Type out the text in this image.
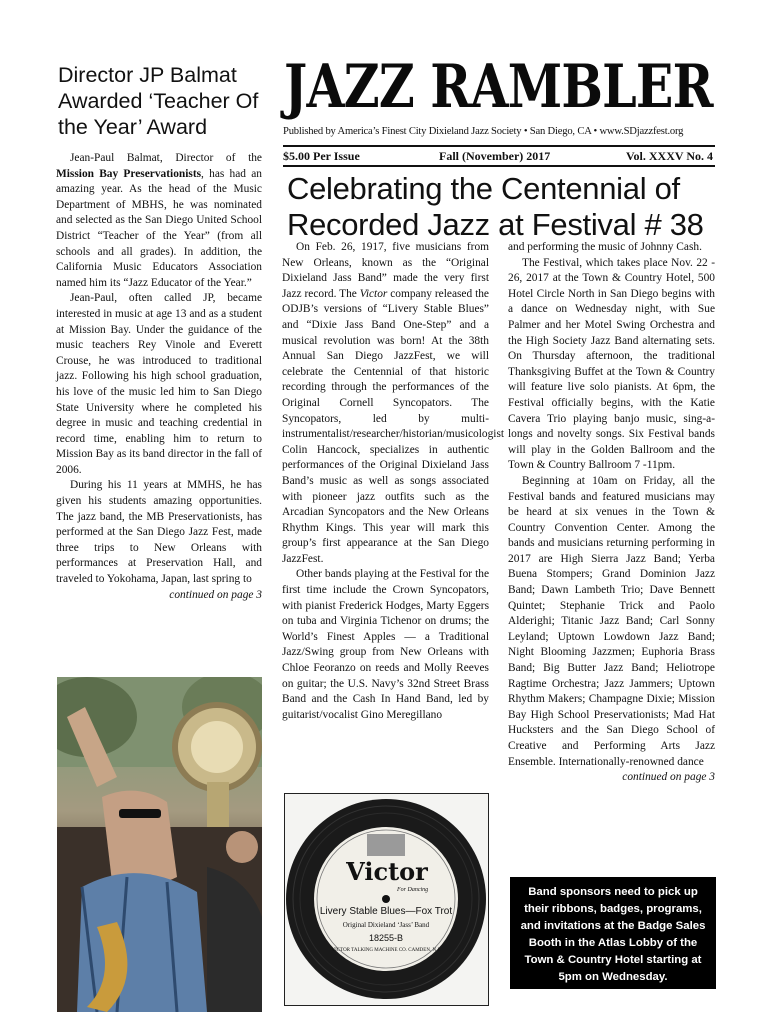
Director JP Balmat Awarded ‘Teacher Of the Year’ Award

Jean-Paul Balmat, Director of the Mission Bay Preservationists, has had an amazing year. As the head of the Music Department of MBHS, he was nominated and selected as the San Diego United School District “Teacher of the Year” (from all schools and all grades). In addition, the California Music Educators Association named him its “Jazz Educator of the Year.”

Jean-Paul, often called JP, became interested in music at age 13 and as a student at Mission Bay. Under the guidance of the music teachers Rey Vinole and Everett Crouse, he was introduced to traditional jazz. Following his high school graduation, his love of the music led him to San Diego State University where he completed his degree in music and teaching credential in record time, enabling him to return to Mission Bay as its band director in the fall of 2006.

During his 11 years at MMHS, he has given his students amazing opportunities. The jazz band, the MB Preservationists, has performed at the San Diego Jazz Fest, made three trips to New Orleans with performances at Preservation Hall, and traveled to Yokohama, Japan, last spring to

continued on page 3

JAZZ RAMBLER

Published by America’s Finest City Dixieland Jazz Society • San Diego, CA • www.SDjazzfest.org

$5.00 Per Issue	Fall (November) 2017	Vol. XXXV No. 4
Celebrating the Centennial of Recorded Jazz at Festival # 38

On Feb. 26, 1917, five musicians from New Orleans, known as the “Original Dixieland Jass Band” made the very first Jazz record. The Victor company released the ODJB’s versions of “Livery Stable Blues” and “Dixie Jass Band One-Step” and a musical revolution was born! At the 38th Annual San Diego JazzFest, we will celebrate the Centennial of that historic recording through the performances of the Original Cornell Syncopators. The Syncopators, led by multi-instrumentalist/researcher/historian/musicologist Colin Hancock, specializes in authentic performances of the Original Dixieland Jass Band’s music as well as songs associated with pioneer jazz outfits such as the Arcadian Syncopators and the New Orleans Rhythm Kings. This year will mark this group’s first appearance at the San Diego JazzFest.

Other bands playing at the Festival for the first time include the Crown Syncopators, with pianist Frederick Hodges, Marty Eggers on tuba and Virginia Tichenor on drums; the World’s Finest Apples — a Traditional Jazz/Swing group from New Orleans with Chloe Feoranzo on reeds and Molly Reeves on guitar; the U.S. Navy’s 32nd Street Brass Band and the Cash In Hand Band, led by guitarist/vocalist Gino Meregillano

and performing the music of Johnny Cash.

The Festival, which takes place Nov. 22 - 26, 2017 at the Town & Country Hotel, 500 Hotel Circle North in San Diego begins with a dance on Wednesday night, with Sue Palmer and her Motel Swing Orchestra and the High Society Jazz Band alternating sets. On Thursday afternoon, the traditional Thanksgiving Buffet at the Town & Country will feature live solo pianists. At 6pm, the Festival officially begins, with the Katie Cavera Trio playing banjo music, sing-a-longs and novelty songs. Six Festival bands will play in the Golden Ballroom and the Town & Country Ballroom 7 -11pm.

Beginning at 10am on Friday, all the Festival bands and featured musicians may be heard at six venues in the Town & Country Convention Center. Among the bands and musicians returning performing in 2017 are High Sierra Jazz Band; Yerba Buena Stompers; Grand Dominion Jazz Band; Dawn Lambeth Trio; Dave Bennett Quintet; Stephanie Trick and Paolo Alderighi; Titanic Jazz Band; Carl Sonny Leyland; Uptown Lowdown Jazz Band; Night Blooming Jazzmen; Euphoria Brass Band; Big Butter Jazz Band; Heliotrope Ragtime Orchestra; Jazz Jammers; Uptown Rhythm Makers; Champagne Dixie; Mission Bay High School Preservationists; Mad Hat Hucksters and the San Diego School of Creative and Performing Arts Jazz Ensemble. Internationally-renowned dance

continued on page 3

Victor
For Dancing
Livery Stable Blues—Fox Trot
Original Dixieland ‘Jass’ Band
18255-B
VICTOR TALKING MACHINE CO. CAMDEN, N.J.
Band sponsors need to pick up their ribbons, badges, programs, and invitations at the Badge Sales Booth in the Atlas Lobby of the Town & Country Hotel starting at 5pm on Wednesday.
